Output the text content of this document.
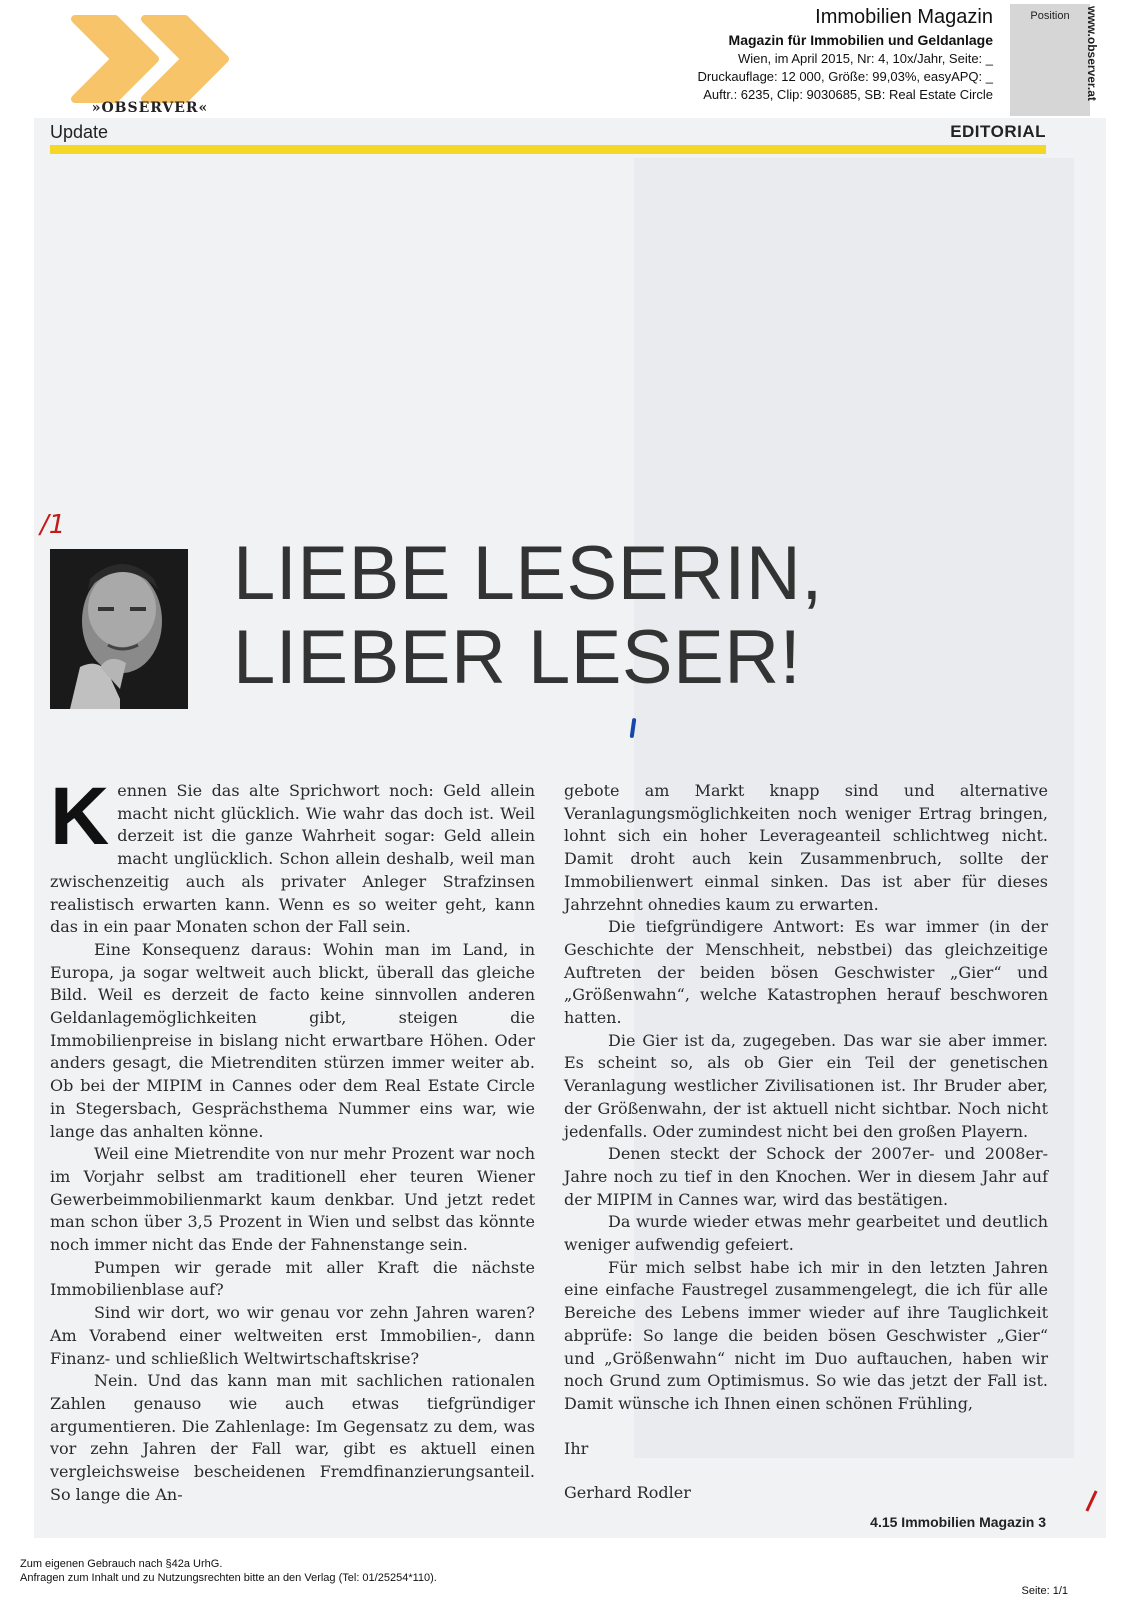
»OBSERVER«
Immobilien Magazin
Magazin für Immobilien und Geldanlage
Wien, im April 2015, Nr: 4, 10x/Jahr, Seite: _
Druckauflage: 12 000, Größe: 99,03%, easyAPQ: _
Auftr.: 6235, Clip: 9030685, SB: Real Estate Circle
Position	www.observer.at
Update	EDITORIAL
/1
LIEBE LESERIN,
LIEBER LESER!

Kennen Sie das alte Sprichwort noch: Geld allein macht nicht glücklich. Wie wahr das doch ist. Weil derzeit ist die ganze Wahrheit sogar: Geld allein macht unglücklich. Schon allein deshalb, weil man zwischenzeitig auch als privater Anleger Strafzinsen realistisch erwarten kann. Wenn es so weiter geht, kann das in ein paar Monaten schon der Fall sein.

Eine Konsequenz daraus: Wohin man im Land, in Europa, ja sogar weltweit auch blickt, überall das gleiche Bild. Weil es derzeit de facto keine sinnvollen anderen Geldanlagemöglichkeiten gibt, steigen die Immobilienpreise in bislang nicht erwartbare Höhen. Oder anders gesagt, die Mietrenditen stürzen immer weiter ab. Ob bei der MIPIM in Cannes oder dem Real Estate Circle in Stegersbach, Gesprächsthema Nummer eins war, wie lange das anhalten könne.

Weil eine Mietrendite von nur mehr Prozent war noch im Vorjahr selbst am traditionell eher teuren Wiener Gewerbeimmobilienmarkt kaum denkbar. Und jetzt redet man schon über 3,5 Prozent in Wien und selbst das könnte noch immer nicht das Ende der Fahnenstange sein.

Pumpen wir gerade mit aller Kraft die nächste Immobilienblase auf?

Sind wir dort, wo wir genau vor zehn Jahren waren? Am Vorabend einer weltweiten erst Immobilien-, dann Finanz- und schließlich Weltwirtschaftskrise?

Nein. Und das kann man mit sachlichen rationalen Zahlen genauso wie auch etwas tiefgründiger argumentieren. Die Zahlenlage: Im Gegensatz zu dem, was vor zehn Jahren der Fall war, gibt es aktuell einen vergleichsweise bescheidenen Fremdfinanzierungsanteil. So lange die An-

gebote am Markt knapp sind und alternative Veranlagungsmöglichkeiten noch weniger Ertrag bringen, lohnt sich ein hoher Leverageanteil schlichtweg nicht. Damit droht auch kein Zusammenbruch, sollte der Immobilienwert einmal sinken. Das ist aber für dieses Jahrzehnt ohnedies kaum zu erwarten.

Die tiefgründigere Antwort: Es war immer (in der Geschichte der Menschheit, nebstbei) das gleichzeitige Auftreten der beiden bösen Geschwister „Gier“ und „Größenwahn“, welche Katastrophen herauf beschworen hatten.

Die Gier ist da, zugegeben. Das war sie aber immer. Es scheint so, als ob Gier ein Teil der genetischen Veranlagung westlicher Zivilisationen ist. Ihr Bruder aber, der Größenwahn, der ist aktuell nicht sichtbar. Noch nicht jedenfalls. Oder zumindest nicht bei den großen Playern.

Denen steckt der Schock der 2007er- und 2008er-Jahre noch zu tief in den Knochen. Wer in diesem Jahr auf der MIPIM in Cannes war, wird das bestätigen.

Da wurde wieder etwas mehr gearbeitet und deutlich weniger aufwendig gefeiert.

Für mich selbst habe ich mir in den letzten Jahren eine einfache Faustregel zusammengelegt, die ich für alle Bereiche des Lebens immer wieder auf ihre Tauglichkeit abprüfe: So lange die beiden bösen Geschwister „Gier“ und „Größenwahn“ nicht im Duo auftauchen, haben wir noch Grund zum Optimismus. So wie das jetzt der Fall ist. Damit wünsche ich Ihnen einen schönen Frühling,

Ihr

Gerhard Rodler

4.15 Immobilien Magazin 3
Zum eigenen Gebrauch nach §42a UrhG.
Anfragen zum Inhalt und zu Nutzungsrechten bitte an den Verlag (Tel: 01/25254*110).
Seite: 1/1
